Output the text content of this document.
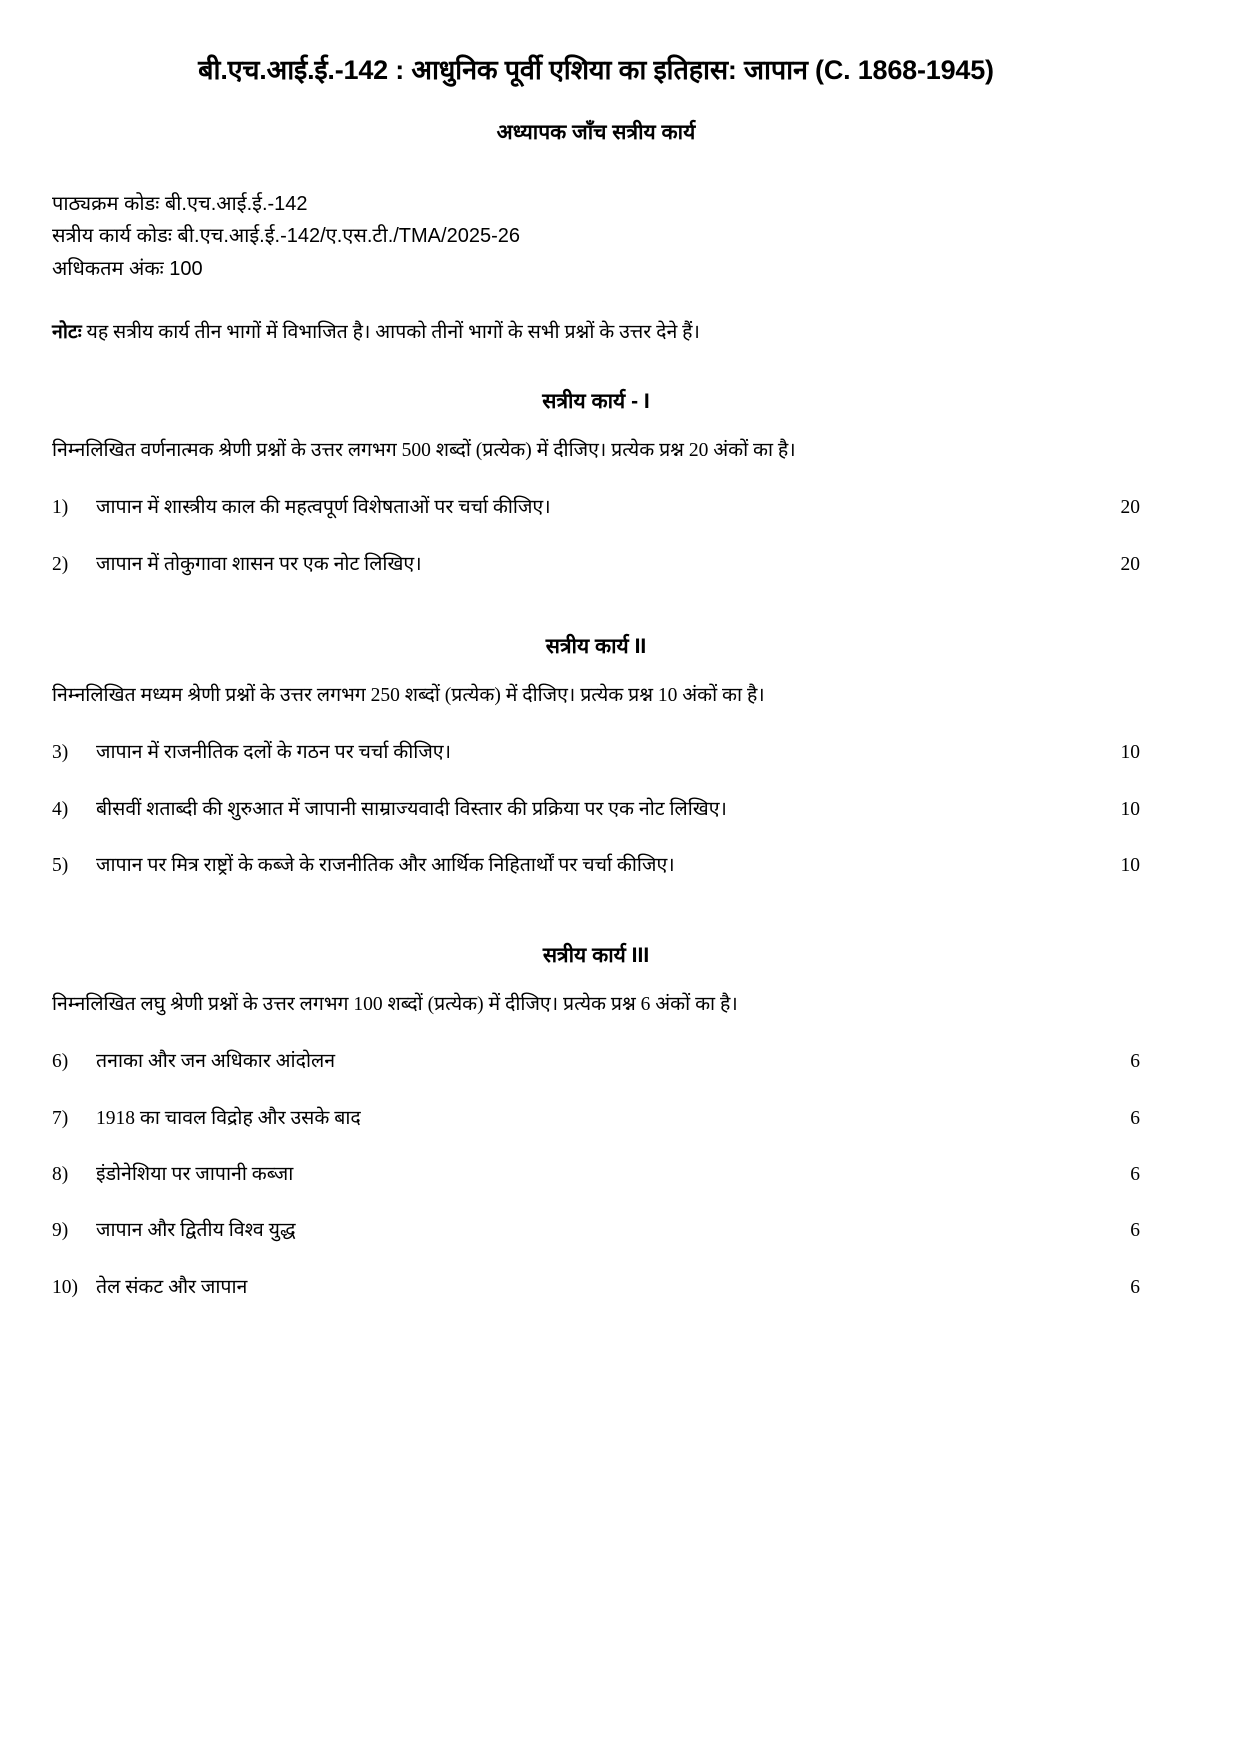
बी.एच.आई.ई.-142 : आधुनिक पूर्वी एशिया का इतिहास: जापान (C. 1868-1945)
अध्यापक जाँच सत्रीय कार्य
पाठ्यक्रम कोडः बी.एच.आई.ई.-142
सत्रीय कार्य कोडः बी.एच.आई.ई.-142/ए.एस.टी./TMA/2025-26
अधिकतम अंकः 100

नोटः यह सत्रीय कार्य तीन भागों में विभाजित है। आपको तीनों भागों के सभी प्रश्नों के उत्तर देने हैं।

सत्रीय कार्य - I
निम्नलिखित वर्णनात्मक श्रेणी प्रश्नों के उत्तर लगभग 500 शब्दों (प्रत्येक) में दीजिए। प्रत्येक प्रश्न 20 अंकों का है।
1)	जापान में शास्त्रीय काल की महत्वपूर्ण विशेषताओं पर चर्चा कीजिए।	20
2)	जापान में तोकुगावा शासन पर एक नोट लिखिए।	20
सत्रीय कार्य II
निम्नलिखित मध्यम श्रेणी प्रश्नों के उत्तर लगभग 250 शब्दों (प्रत्येक) में दीजिए। प्रत्येक प्रश्न 10 अंकों का है।
3)	जापान में राजनीतिक दलों के गठन पर चर्चा कीजिए।	10
4)	बीसवीं शताब्दी की शुरुआत में जापानी साम्राज्यवादी विस्तार की प्रक्रिया पर एक नोट लिखिए।	10
5)	जापान पर मित्र राष्ट्रों के कब्जे के राजनीतिक और आर्थिक निहितार्थों पर चर्चा कीजिए।	10
सत्रीय कार्य III
निम्नलिखित लघु श्रेणी प्रश्नों के उत्तर लगभग 100 शब्दों (प्रत्येक) में दीजिए। प्रत्येक प्रश्न 6 अंकों का है।
6)	तनाका और जन अधिकार आंदोलन	6
7)	1918 का चावल विद्रोह और उसके बाद	6
8)	इंडोनेशिया पर जापानी कब्जा	6
9)	जापान और द्वितीय विश्व युद्ध	6
10) तेल संकट और जापान	6
